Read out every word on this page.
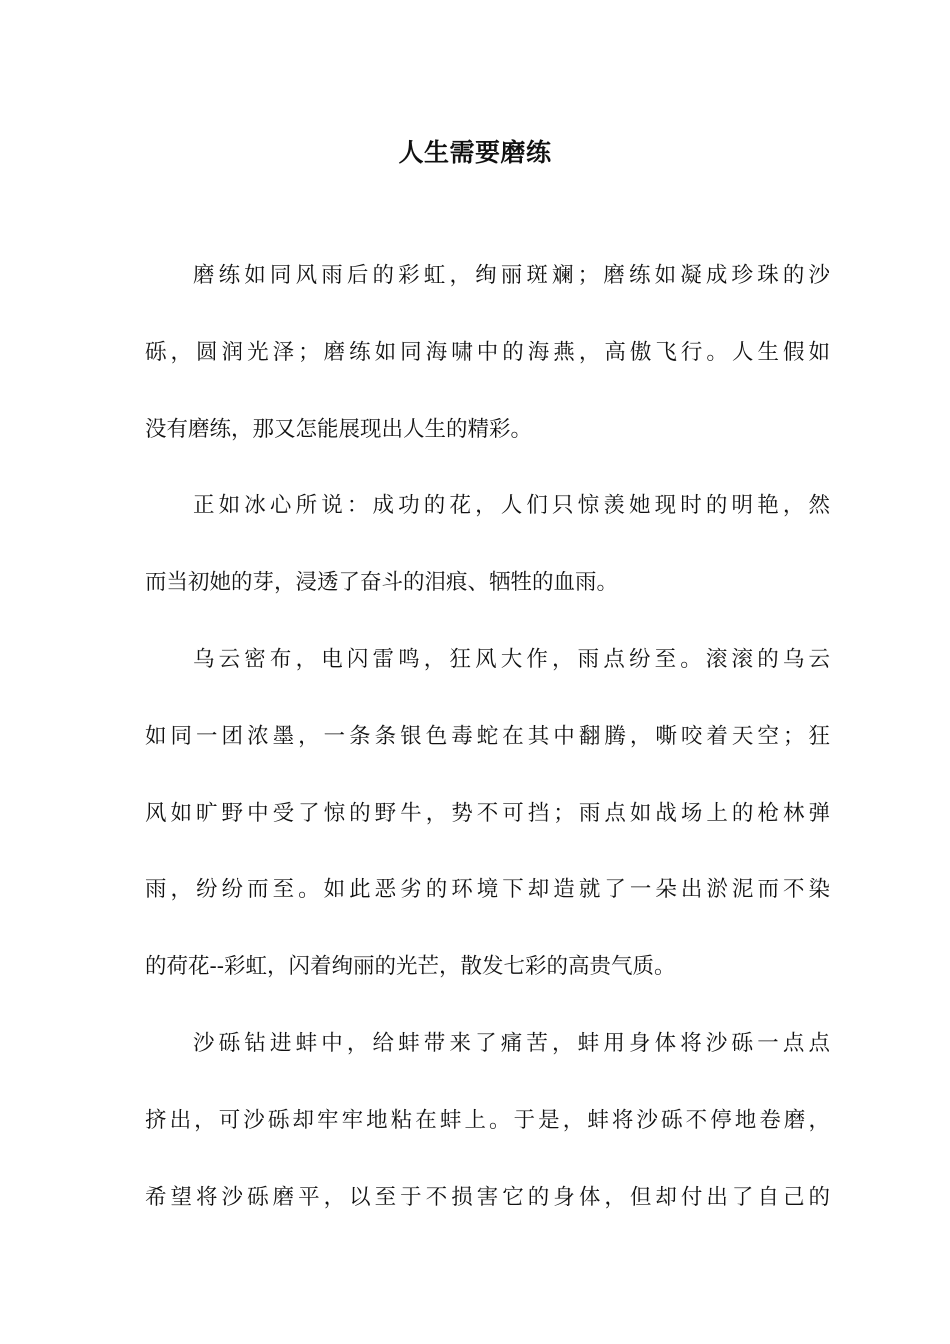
人生需要磨练
磨练如同风雨后的彩虹，绚丽斑斓；磨练如凝成珍珠的沙
砾，圆润光泽；磨练如同海啸中的海燕，高傲飞行。人生假如
没有磨练，那又怎能展现出人生的精彩。
正如冰心所说：成功的花，人们只惊羡她现时的明艳，然
而当初她的芽，浸透了奋斗的泪痕、牺牲的血雨。
乌云密布，电闪雷鸣，狂风大作，雨点纷至。滚滚的乌云
如同一团浓墨，一条条银色毒蛇在其中翻腾，嘶咬着天空；狂
风如旷野中受了惊的野牛，势不可挡；雨点如战场上的枪林弹
雨，纷纷而至。如此恶劣的环境下却造就了一朵出淤泥而不染
的荷花--彩虹，闪着绚丽的光芒，散发七彩的高贵气质。
沙砾钻进蚌中，给蚌带来了痛苦，蚌用身体将沙砾一点点
挤出，可沙砾却牢牢地粘在蚌上。于是，蚌将沙砾不停地卷磨，
希望将沙砾磨平，以至于不损害它的身体，但却付出了自己的
